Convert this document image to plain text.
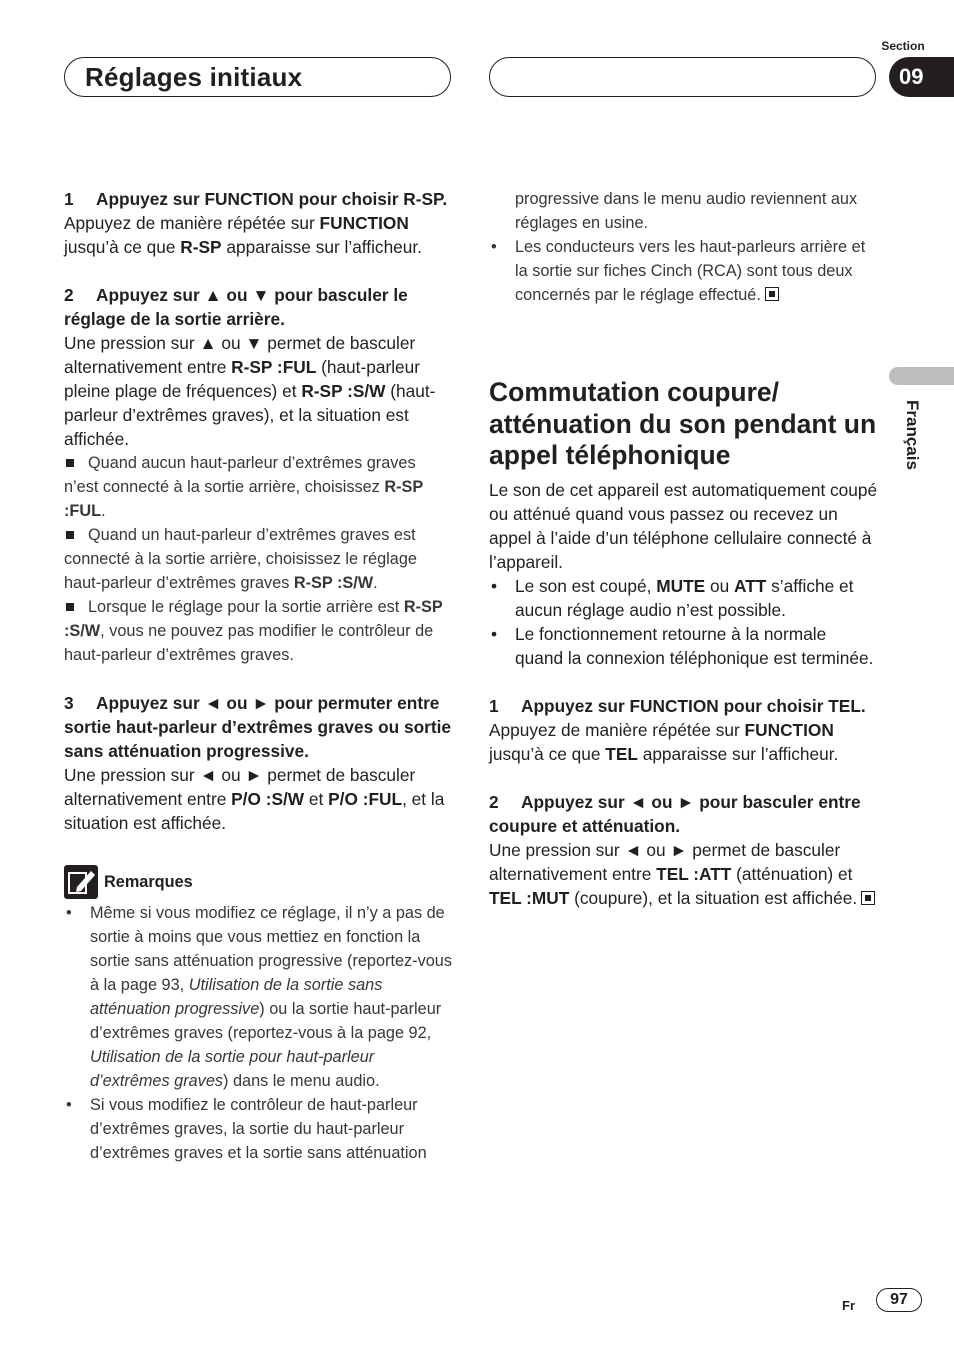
Réglages initiaux
Section
09
Français
1 Appuyez sur FUNCTION pour choisir R-SP.
Appuyez de manière répétée sur FUNCTION jusqu’à ce que R-SP apparaisse sur l’afficheur.
2 Appuyez sur ▲ ou ▼ pour basculer le réglage de la sortie arrière.
Une pression sur ▲ ou ▼ permet de basculer alternativement entre R-SP :FUL (haut-parleur pleine plage de fréquences) et R-SP :S/W (haut-parleur d’extrêmes graves), et la situation est affichée.
Quand aucun haut-parleur d’extrêmes graves n’est connecté à la sortie arrière, choisissez R-SP :FUL.
Quand un haut-parleur d’extrêmes graves est connecté à la sortie arrière, choisissez le réglage haut-parleur d’extrêmes graves R-SP :S/W.
Lorsque le réglage pour la sortie arrière est R-SP :S/W, vous ne pouvez pas modifier le contrôleur de haut-parleur d’extrêmes graves.
3 Appuyez sur ◄ ou ► pour permuter entre sortie haut-parleur d’extrêmes graves ou sortie sans atténuation progressive.
Une pression sur ◄ ou ► permet de basculer alternativement entre P/O :S/W et P/O :FUL, et la situation est affichée.
Remarques
• Même si vous modifiez ce réglage, il n’y a pas de sortie à moins que vous mettiez en fonction la sortie sans atténuation progressive (reportez-vous à la page 93, Utilisation de la sortie sans atténuation progressive) ou la sortie haut-parleur d’extrêmes graves (reportez-vous à la page 92, Utilisation de la sortie pour haut-parleur d’extrêmes graves) dans le menu audio.
• Si vous modifiez le contrôleur de haut-parleur d’extrêmes graves, la sortie du haut-parleur d’extrêmes graves et la sortie sans atténuation
progressive dans le menu audio reviennent aux réglages en usine.
• Les conducteurs vers les haut-parleurs arrière et la sortie sur fiches Cinch (RCA) sont tous deux concernés par le réglage effectué.
Commutation coupure/ atténuation du son pendant un appel téléphonique
Le son de cet appareil est automatiquement coupé ou atténué quand vous passez ou recevez un appel à l’aide d’un téléphone cellulaire connecté à l’appareil.
• Le son est coupé, MUTE ou ATT s’affiche et aucun réglage audio n’est possible.
• Le fonctionnement retourne à la normale quand la connexion téléphonique est terminée.
1 Appuyez sur FUNCTION pour choisir TEL.
Appuyez de manière répétée sur FUNCTION jusqu’à ce que TEL apparaisse sur l’afficheur.
2 Appuyez sur ◄ ou ► pour basculer entre coupure et atténuation.
Une pression sur ◄ ou ► permet de basculer alternativement entre TEL :ATT (atténuation) et TEL :MUT (coupure), et la situation est affichée.
Fr	97
